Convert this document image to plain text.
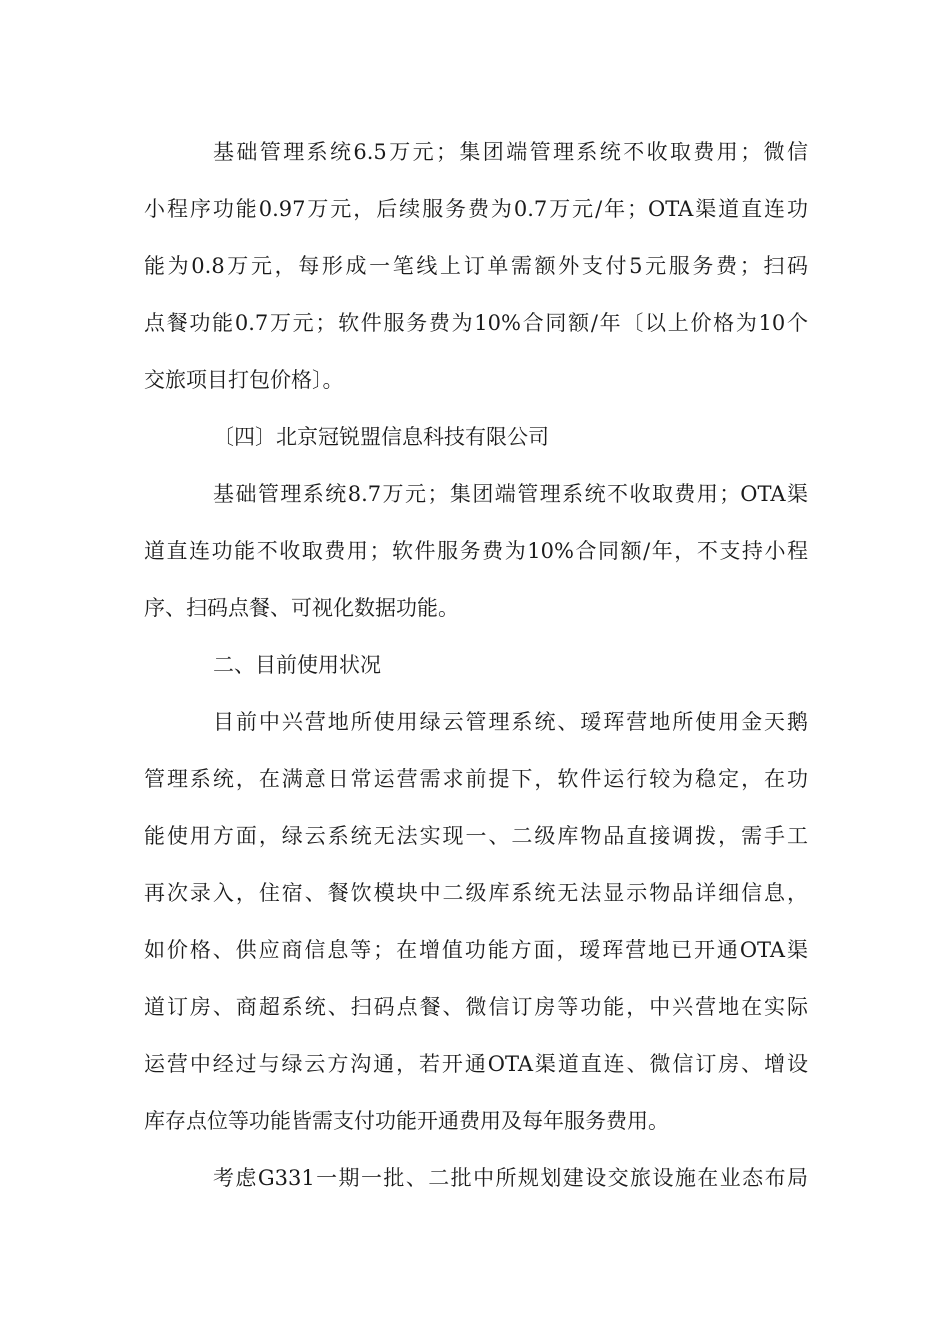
基础管理系统6.5万元；集团端管理系统不收取费用；微信
小程序功能0.97万元，后续服务费为0.7万元/年；OTA渠道直连功
能为0.8万元，每形成一笔线上订单需额外支付5元服务费；扫码
点餐功能0.7万元；软件服务费为10%合同额/年〔以上价格为10个
交旅项目打包价格〕。
〔四〕北京冠锐盟信息科技有限公司
基础管理系统8.7万元；集团端管理系统不收取费用；OTA渠
道直连功能不收取费用；软件服务费为10%合同额/年，不支持小程
序、扫码点餐、可视化数据功能。
二、目前使用状况
目前中兴营地所使用绿云管理系统、瑷珲营地所使用金天鹅
管理系统，在满意日常运营需求前提下，软件运行较为稳定，在功
能使用方面，绿云系统无法实现一、二级库物品直接调拨，需手工
再次录入，住宿、餐饮模块中二级库系统无法显示物品详细信息，
如价格、供应商信息等；在增值功能方面，瑷珲营地已开通OTA渠
道订房、商超系统、扫码点餐、微信订房等功能，中兴营地在实际
运营中经过与绿云方沟通，若开通OTA渠道直连、微信订房、增设
库存点位等功能皆需支付功能开通费用及每年服务费用。
考虑G331一期一批、二批中所规划建设交旅设施在业态布局
